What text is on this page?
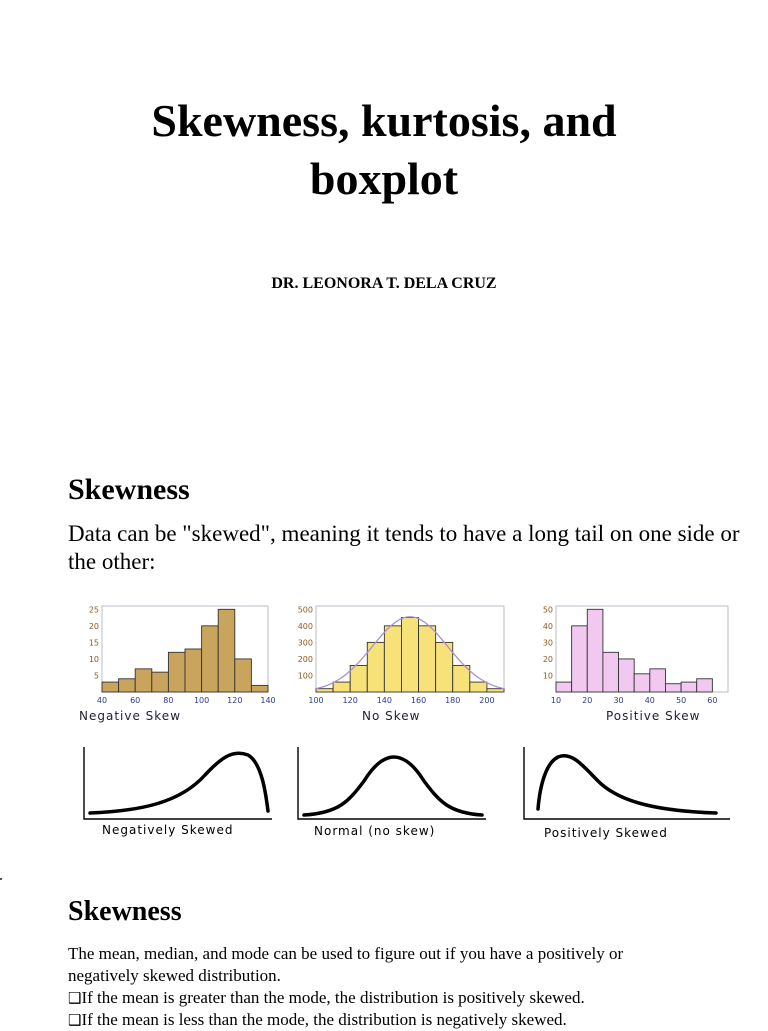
Skewness, kurtosis, and
boxplot
DR. LEONORA T. DELA CRUZ
Skewness
Data can be "skewed", meaning it tends to have a long tail on one side or the other:
5
10
15
20
25
40	60	80	100 120 140
Negative Skew
100
200
300
400
500
100 120 140 160 180 200
No Skew
10
20
30
40
50
10	20	30	40	50	60
Positive Skew
Negatively Skewed	Normal (no skew)	Positively Skewed
Skewness
The mean, median, and mode can be used to figure out if you have a positively or
negatively skewed distribution.
❑If the mean is greater than the mode, the distribution is positively skewed.
❑If the mean is less than the mode, the distribution is negatively skewed.
